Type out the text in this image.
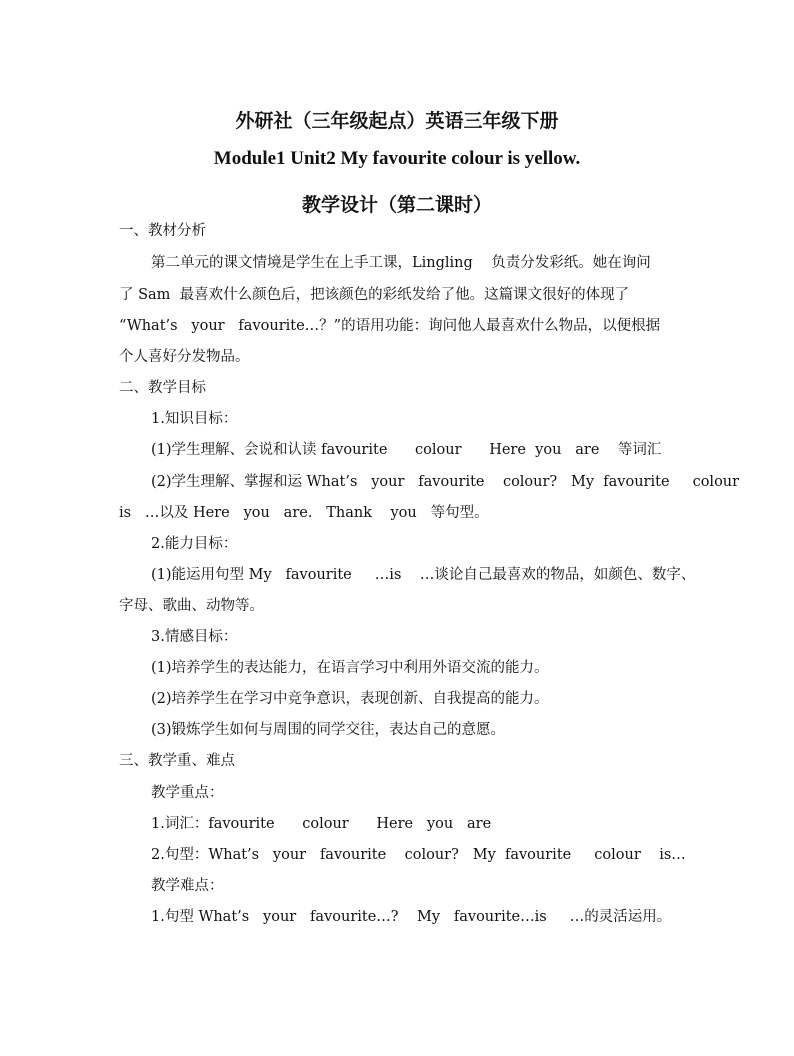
外研社（三年级起点）英语三年级下册
Module1 Unit2 My favourite colour is yellow.
教学设计（第二课时）
一、教材分析
第二单元的课文情境是学生在上手工课，Lingling    负责分发彩纸。她在询问
了 Sam  最喜欢什么颜色后，把该颜色的彩纸发给了他。这篇课文很好的体现了
“What’s   your   favourite…？”的语用功能：询问他人最喜欢什么物品，以便根据
个人喜好分发物品。
二、教学目标
1.知识目标：
(1)学生理解、会说和认读 favourite      colour      Here  you   are    等词汇
(2)学生理解、掌握和运 What’s   your   favourite    colour?   My  favourite     colour
is   …以及 Here   you   are.   Thank    you   等句型。
2.能力目标：
(1)能运用句型 My   favourite     …is    …谈论自己最喜欢的物品，如颜色、数字、
字母、歌曲、动物等。
3.情感目标：
(1)培养学生的表达能力，在语言学习中利用外语交流的能力。
(2)培养学生在学习中竞争意识，表现创新、自我提高的能力。
(3)锻炼学生如何与周围的同学交往，表达自己的意愿。
三、教学重、难点
教学重点：
1.词汇：favourite      colour      Here   you   are
2.句型：What’s   your   favourite    colour?   My  favourite     colour    is…
教学难点：
1.句型 What’s   your   favourite…?    My   favourite…is     …的灵活运用。
